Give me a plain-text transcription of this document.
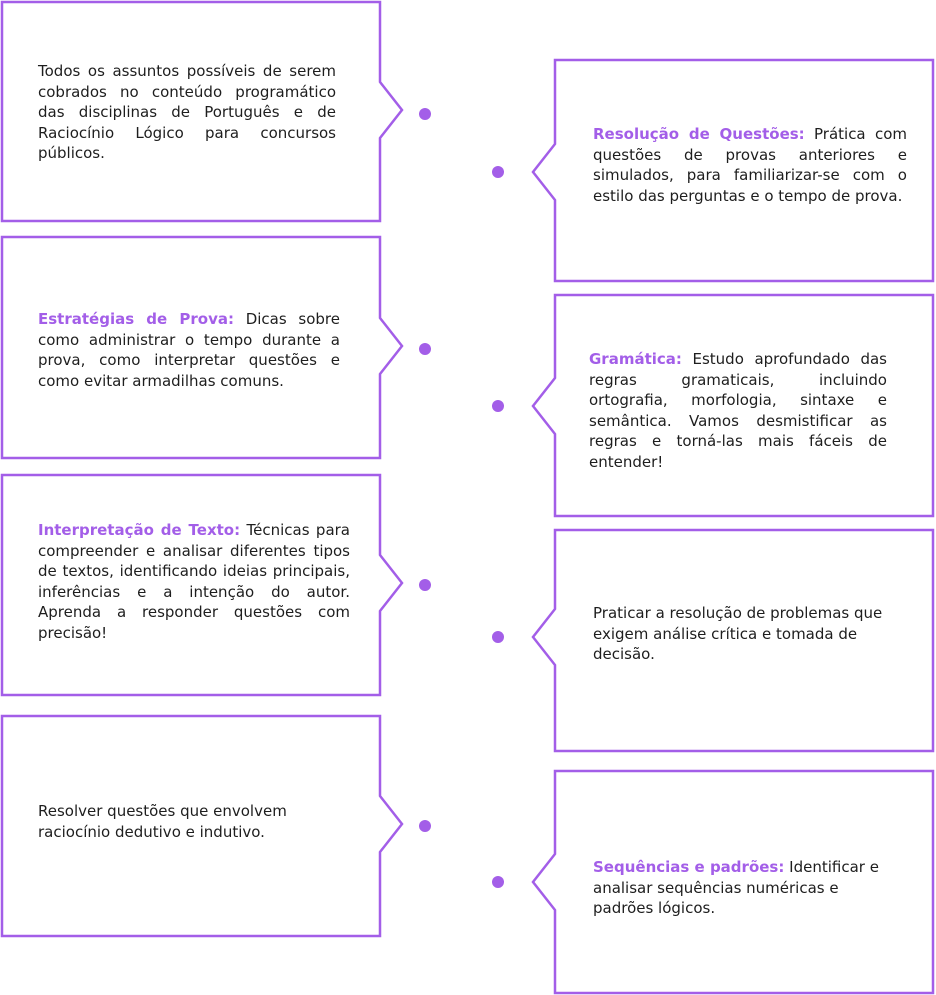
Todos os assuntos possíveis de serem cobrados no conteúdo programático das disciplinas de Português e de Raciocínio Lógico para concursos públicos.

Estratégias de Prova: Dicas sobre como administrar o tempo durante a prova, como interpretar questões e como evitar armadilhas comuns.

Interpretação de Texto: Técnicas para compreender e analisar diferentes tipos de textos, identificando ideias principais, inferências e a intenção do autor. Aprenda a responder questões com precisão!

Resolver questões que envolvem raciocínio dedutivo e indutivo.

Resolução de Questões: Prática com questões de provas anteriores e simulados, para familiarizar-se com o estilo das perguntas e o tempo de prova.

Gramática: Estudo aprofundado das regras gramaticais, incluindo ortografia, morfologia, sintaxe e semântica. Vamos desmistificar as regras e torná-las mais fáceis de entender!

Praticar a resolução de problemas que exigem análise crítica e tomada de decisão.

Sequências e padrões: Identificar e analisar sequências numéricas e padrões lógicos.
